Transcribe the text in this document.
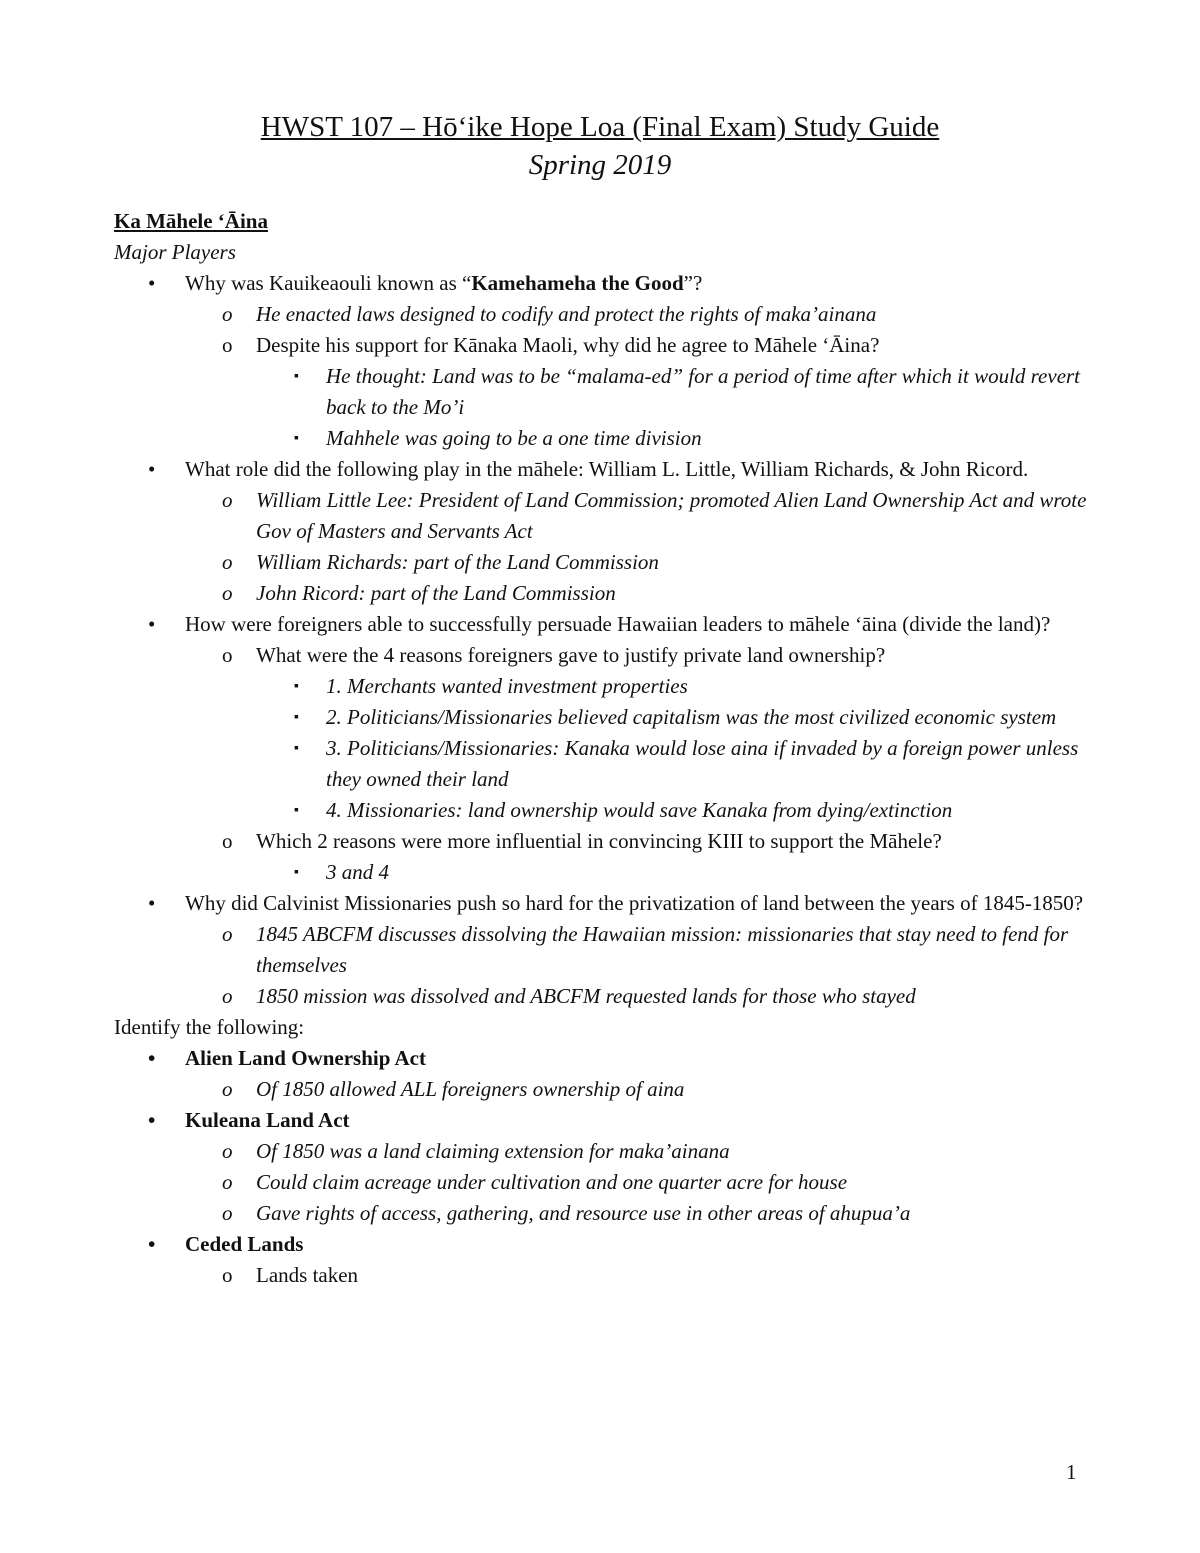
HWST 107 – Hōʻike Hope Loa (Final Exam) Study Guide
Spring 2019
Ka Māhele ʻĀina
Major Players
• Why was Kauikeaouli known as “Kamehameha the Good”?
o He enacted laws designed to codify and protect the rights of maka’ainana
o Despite his support for Kānaka Maoli, why did he agree to Māhele ʻĀina?
▪ He thought: Land was to be “malama-ed” for a period of time after which it would revert back to the Mo’i
▪ Mahhele was going to be a one time division
• What role did the following play in the māhele: William L. Little, William Richards, & John Ricord.
o William Little Lee: President of Land Commission; promoted Alien Land Ownership Act and wrote Gov of Masters and Servants Act
o William Richards: part of the Land Commission
o John Ricord: part of the Land Commission
• How were foreigners able to successfully persuade Hawaiian leaders to māhele ʻāina (divide the land)?
o What were the 4 reasons foreigners gave to justify private land ownership?
▪ 1. Merchants wanted investment properties
▪ 2. Politicians/Missionaries believed capitalism was the most civilized economic system
▪ 3. Politicians/Missionaries: Kanaka would lose aina if invaded by a foreign power unless they owned their land
▪ 4. Missionaries: land ownership would save Kanaka from dying/extinction
o Which 2 reasons were more influential in convincing KIII to support the Māhele?
▪ 3 and 4
• Why did Calvinist Missionaries push so hard for the privatization of land between the years of 1845-1850?
o 1845 ABCFM discusses dissolving the Hawaiian mission: missionaries that stay need to fend for themselves
o 1850 mission was dissolved and ABCFM requested lands for those who stayed
Identify the following:
• Alien Land Ownership Act
o Of 1850 allowed ALL foreigners ownership of aina
• Kuleana Land Act
o Of 1850 was a land claiming extension for maka’ainana
o Could claim acreage under cultivation and one quarter acre for house
o Gave rights of access, gathering, and resource use in other areas of ahupua’a
• Ceded Lands
o Lands taken
1
